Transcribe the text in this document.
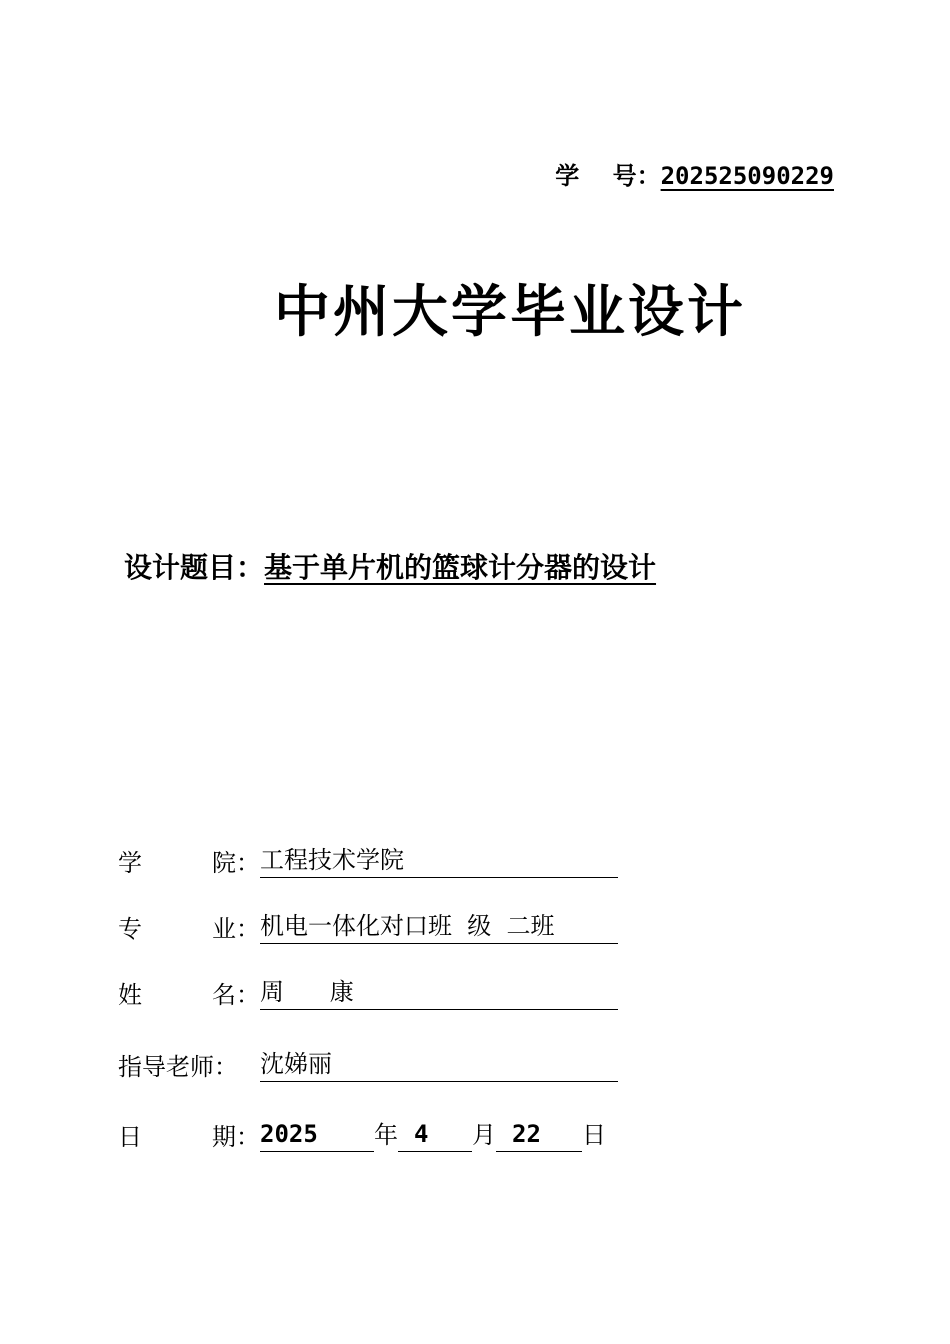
学    号： 202525090229
中州大学毕业设计
设计题目： 基于单片机的篮球计分器的设计
学	院： 工程技术学院
专	业： 机电一体化对口班  级  二班
姓	名： 周      康
指导老师： 沈娣丽
日	期： 2025	年 4	月 22	日
